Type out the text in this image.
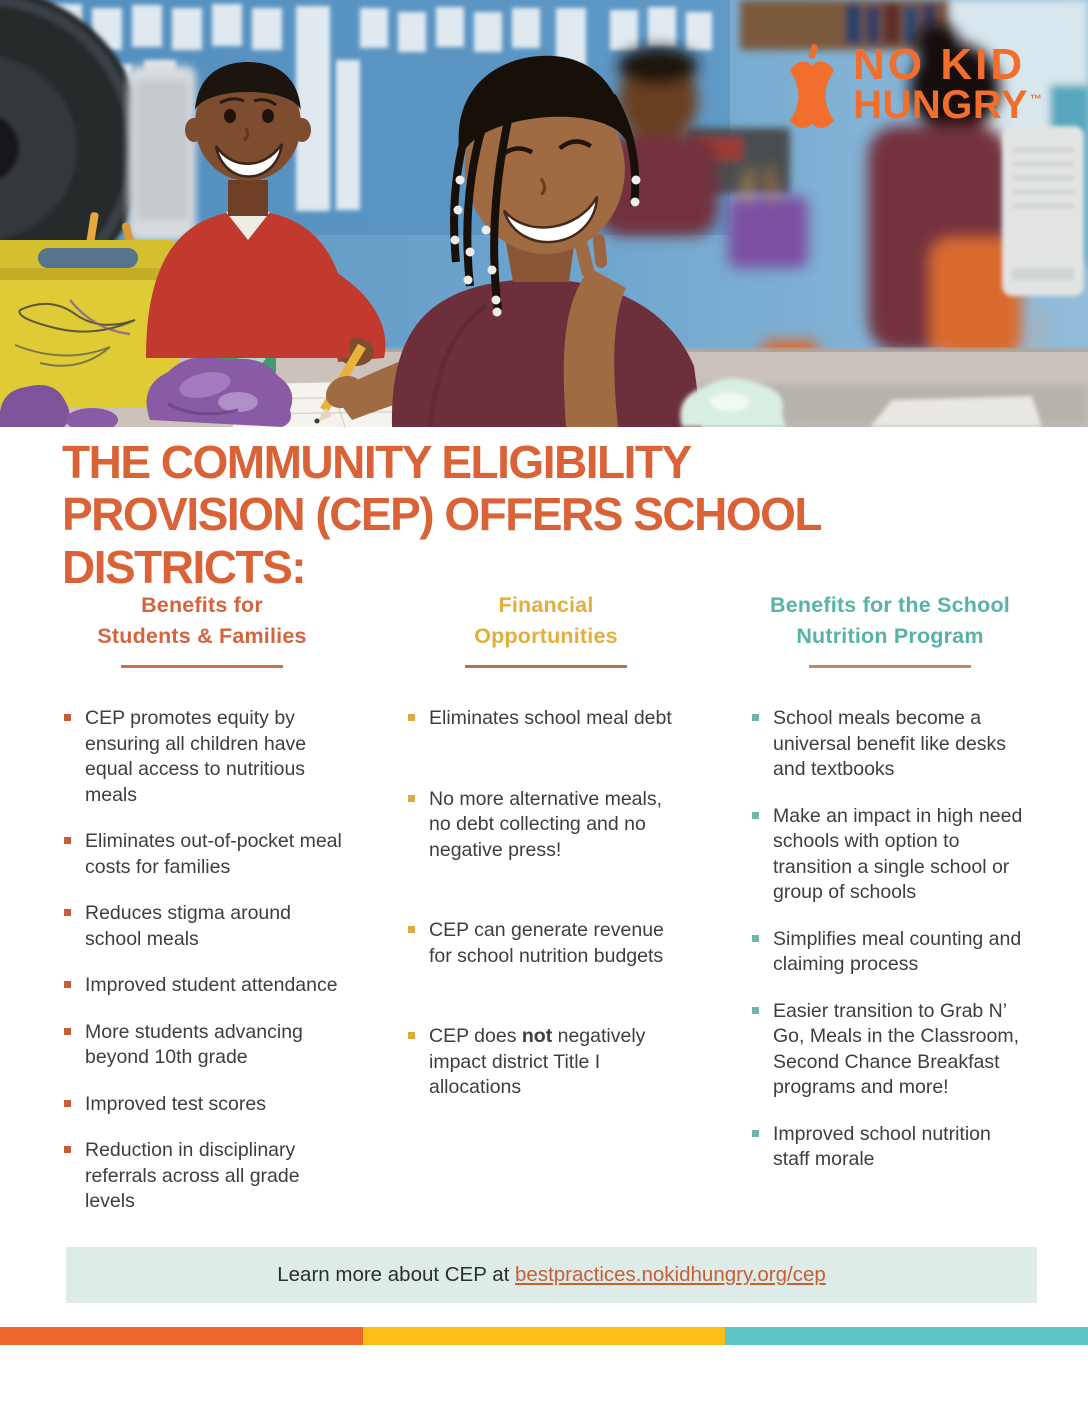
NO KID
HUNGRY ™
THE COMMUNITY ELIGIBILITY PROVISION (CEP) OFFERS SCHOOL DISTRICTS:
Benefits for
Students & Families
CEP promotes equity by ensuring all children have equal access to nutritious meals
Eliminates out-of-pocket meal costs for families
Reduces stigma around school meals
Improved student attendance
More students advancing beyond 10th grade
Improved test scores
Reduction in disciplinary referrals across all grade levels
Financial
Opportunities
Eliminates school meal debt
No more alternative meals, no debt collecting and no negative press!
CEP can generate revenue for school nutrition budgets
CEP does not negatively impact district Title I allocations
Benefits for the School
Nutrition Program
School meals become a universal benefit like desks and textbooks
Make an impact in high need schools with option to transition a single school or group of schools
Simplifies meal counting and claiming process
Easier transition to Grab N’ Go, Meals in the Classroom, Second Chance Breakfast programs and more!
Improved school nutrition staff morale
Learn more about CEP at bestpractices.nokidhungry.org/cep
